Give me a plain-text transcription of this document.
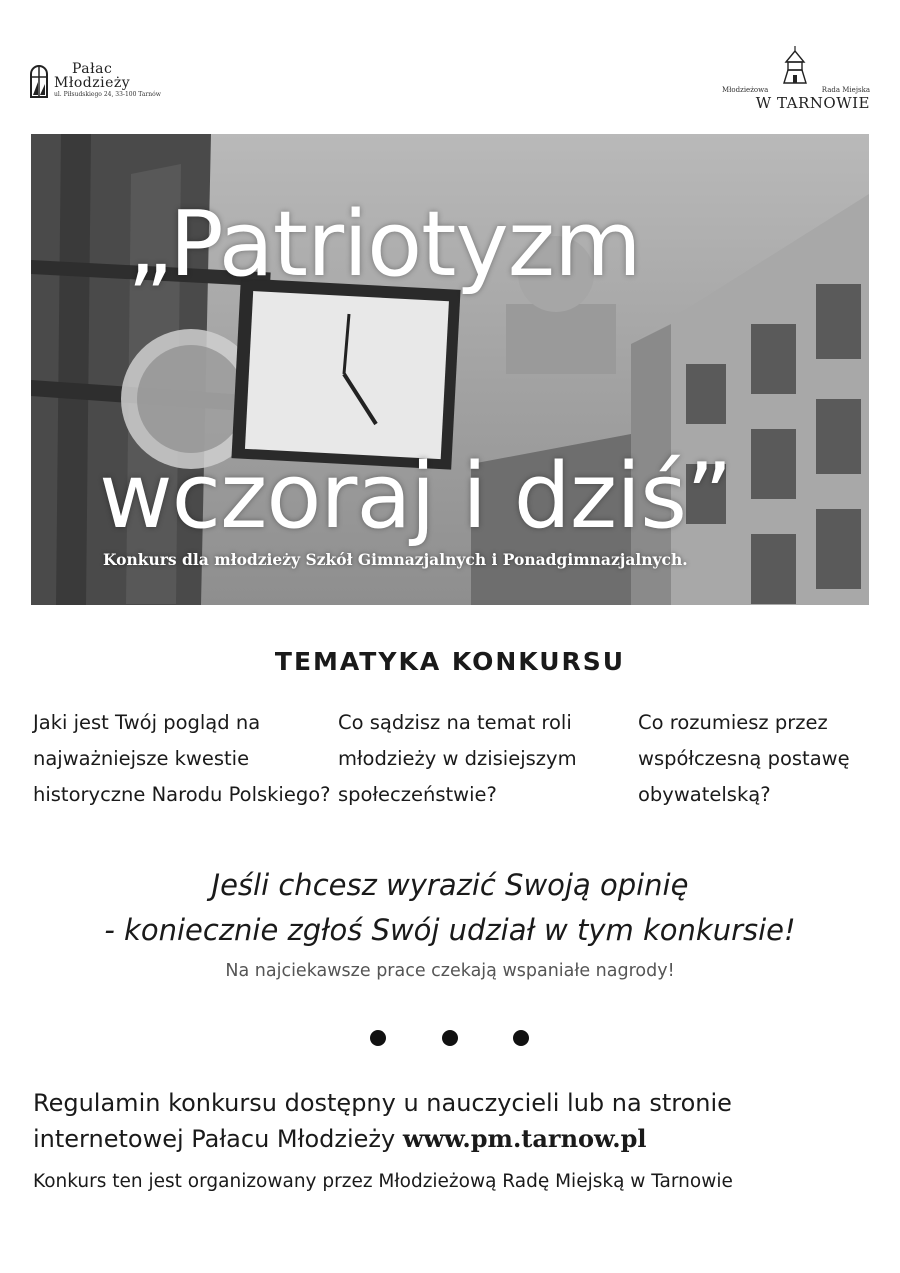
Pałac
Młodzieży
ul. Piłsudskiego 24, 33-100 Tarnów
Młodzieżowa	Rada Miejska
W TARNOWIE
„Patriotyzm
wczoraj i dziś”
Konkurs dla młodzieży Szkół Gimnazjalnych i Ponadgimnazjalnych.
TEMATYKA KONKURSU
Jaki jest Twój pogląd na najważniejsze kwestie historyczne Narodu Polskiego?
Co sądzisz na temat roli młodzieży w dzisiejszym społeczeństwie?
Co rozumiesz przez współczesną postawę obywatelską?
Jeśli chcesz wyrazić Swoją opinię
- koniecznie zgłoś Swój udział w tym konkursie!
Na najciekawsze prace czekają wspaniałe nagrody!
Regulamin konkursu dostępny u nauczycieli lub na stronie internetowej Pałacu Młodzieży www.pm.tarnow.pl
Konkurs ten jest organizowany przez Młodzieżową Radę Miejską w Tarnowie
